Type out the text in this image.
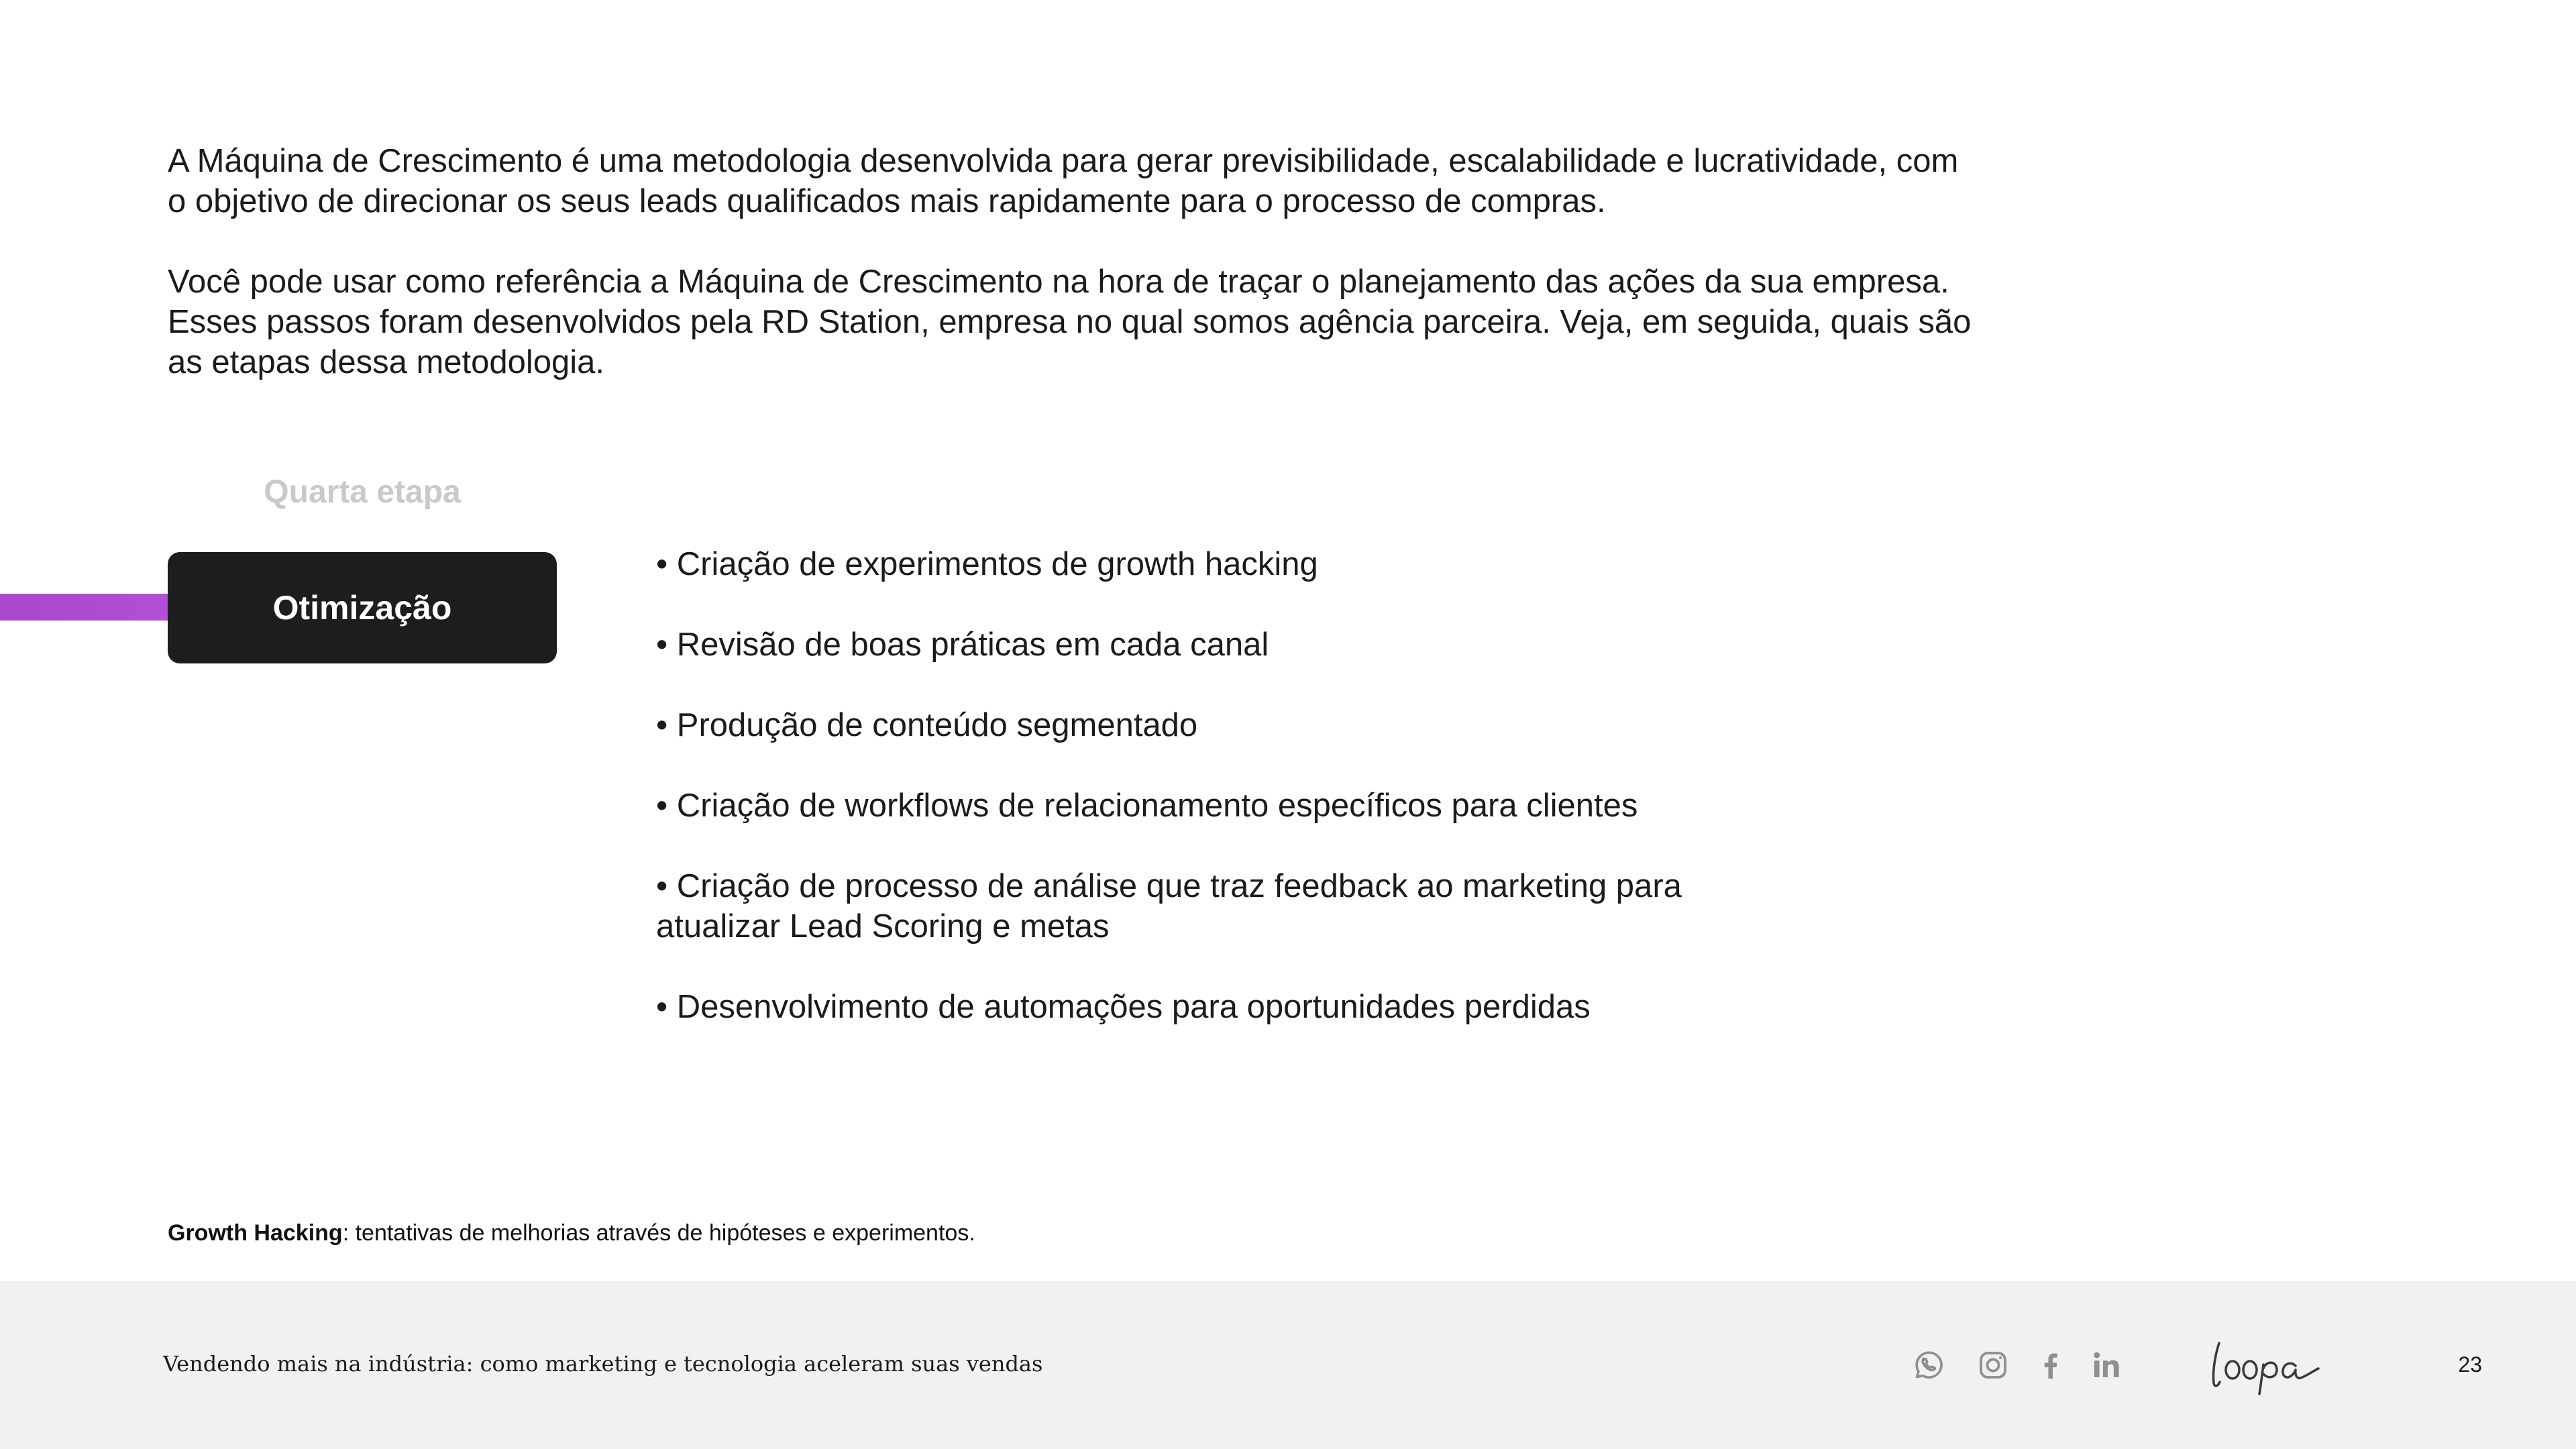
A Máquina de Crescimento é uma metodologia desenvolvida para gerar previsibilidade, escalabilidade e lucratividade, com o objetivo de direcionar os seus leads qualificados mais rapidamente para o processo de compras.

Você pode usar como referência a Máquina de Crescimento na hora de traçar o planejamento das ações da sua empresa. Esses passos foram desenvolvidos pela RD Station, empresa no qual somos agência parceira. Veja, em seguida, quais são as etapas dessa metodologia.

Quarta etapa
Otimização
• Criação de experimentos de growth hacking
• Revisão de boas práticas em cada canal
• Produção de conteúdo segmentado
• Criação de workflows de relacionamento específicos para clientes
• Criação de processo de análise que traz feedback ao marketing para atualizar Lead Scoring e metas
• Desenvolvimento de automações para oportunidades perdidas
Growth Hacking: tentativas de melhorias através de hipóteses e experimentos.
Vendendo mais na indústria: como marketing e tecnologia aceleram suas vendas	23
